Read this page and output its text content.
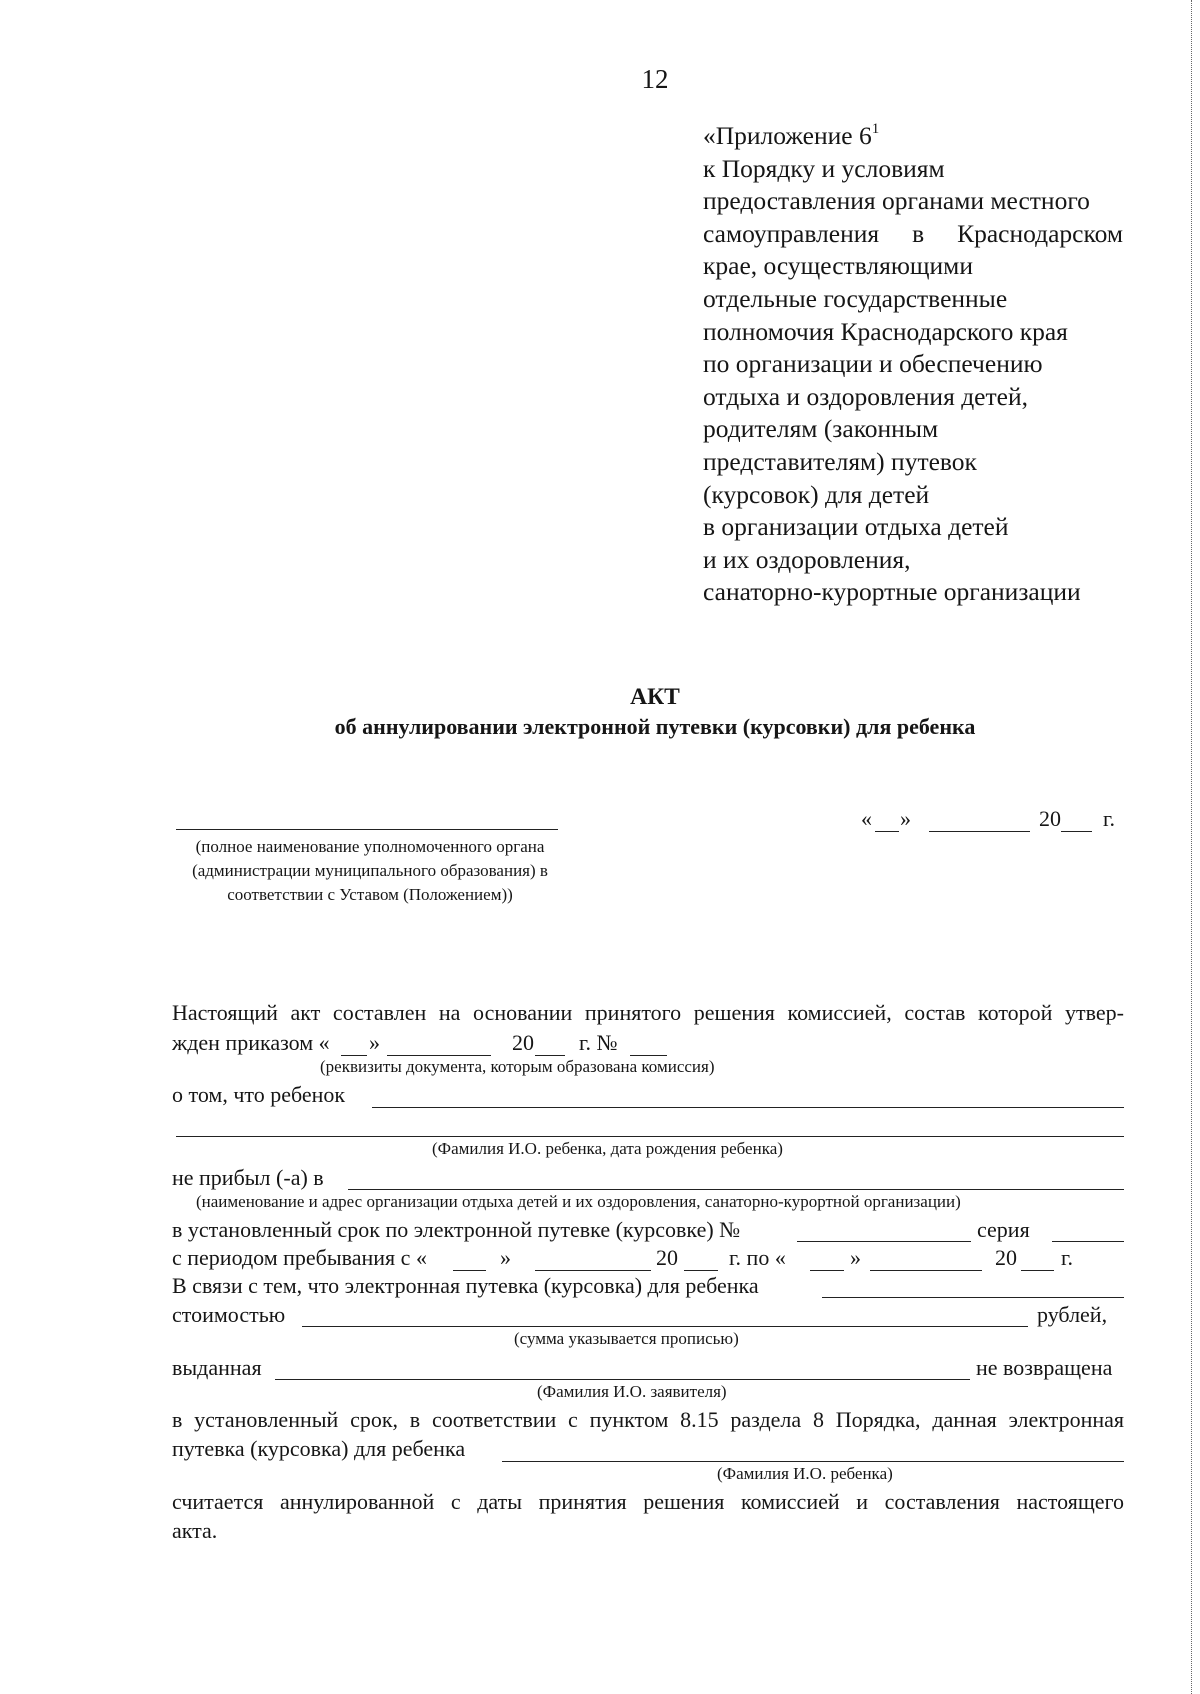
12
«Приложение $6^1$
к Порядку и условиям
предоставления органами местного
самоуправления в Краснодарском
крае, осуществляющими
отдельные государственные
полномочия Краснодарского края
по организации и обеспечению
отдыха и оздоровления детей,
родителям (законным
представителям) путевок
(курсовок) для детей
в организации отдыха детей
и их оздоровления,
санаторно-курортные организации
АКТ
об аннулировании электронной путевки (курсовки) для ребенка
(полное наименование уполномоченного органа (администрации муниципального образования) в соответствии с Уставом (Положением))
« »	20 г.
Настоящий акт составлен на основании принятого решения комиссией, состав которой утвер-
жден приказом « »	20 г. №
(реквизиты документа, которым образована комиссия)
о том, что ребенок
(Фамилия И.О. ребенка, дата рождения ребенка)
не прибыл (-а) в
(наименование и адрес организации отдыха детей и их оздоровления, санаторно-курортной организации)
в установленный срок по электронной путевке (курсовке) №	серия
с периодом пребывания с «	»	20 г. по «	»	20 г.
В связи с тем, что электронная путевка (курсовка) для ребенка
стоимостью	рублей,
(сумма указывается прописью)
выданная	не возвращена
(Фамилия И.О. заявителя)
в установленный срок, в соответствии с пунктом 8.15 раздела 8 Порядка, данная электронная
путевка (курсовка) для ребенка
(Фамилия И.О. ребенка)
считается аннулированной с даты принятия решения комиссией и составления настоящего
акта.
